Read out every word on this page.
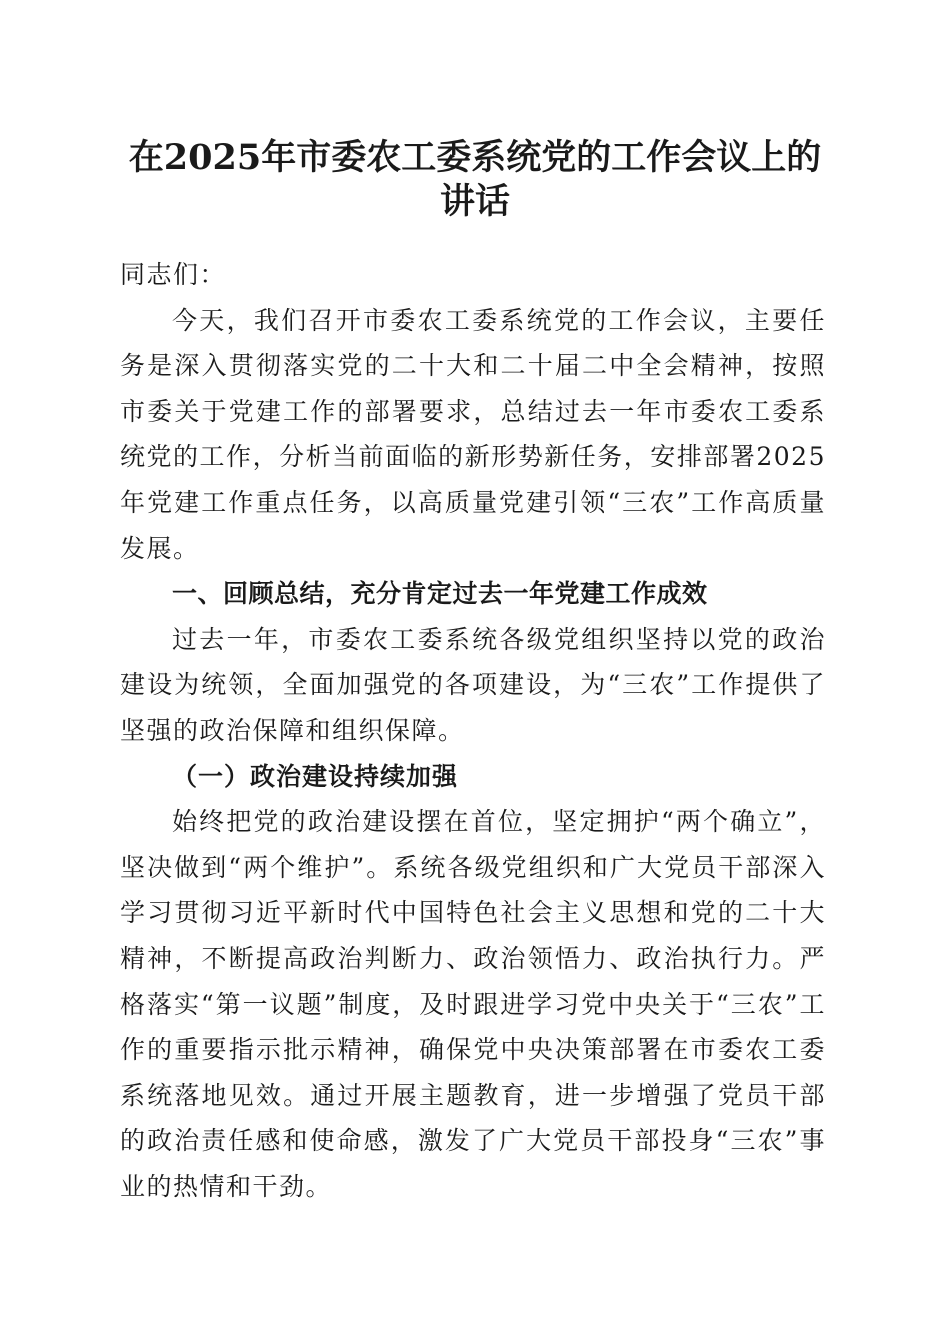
在2025年市委农工委系统党的工作会议上的
讲话

同志们：

今天，我们召开市委农工委系统党的工作会议，主要任务是深入贯彻落实党的二十大和二十届二中全会精神，按照市委关于党建工作的部署要求，总结过去一年市委农工委系统党的工作，分析当前面临的新形势新任务，安排部署2025年党建工作重点任务，以高质量党建引领“三农”工作高质量发展。

一、回顾总结，充分肯定过去一年党建工作成效

过去一年，市委农工委系统各级党组织坚持以党的政治建设为统领，全面加强党的各项建设，为“三农”工作提供了坚强的政治保障和组织保障。

（一）政治建设持续加强

始终把党的政治建设摆在首位，坚定拥护“两个确立”，坚决做到“两个维护”。系统各级党组织和广大党员干部深入学习贯彻习近平新时代中国特色社会主义思想和党的二十大精神，不断提高政治判断力、政治领悟力、政治执行力。严格落实“第一议题”制度，及时跟进学习党中央关于“三农”工作的重要指示批示精神，确保党中央决策部署在市委农工委系统落地见效。通过开展主题教育，进一步增强了党员干部的政治责任感和使命感，激发了广大党员干部投身“三农”事业的热情和干劲。
